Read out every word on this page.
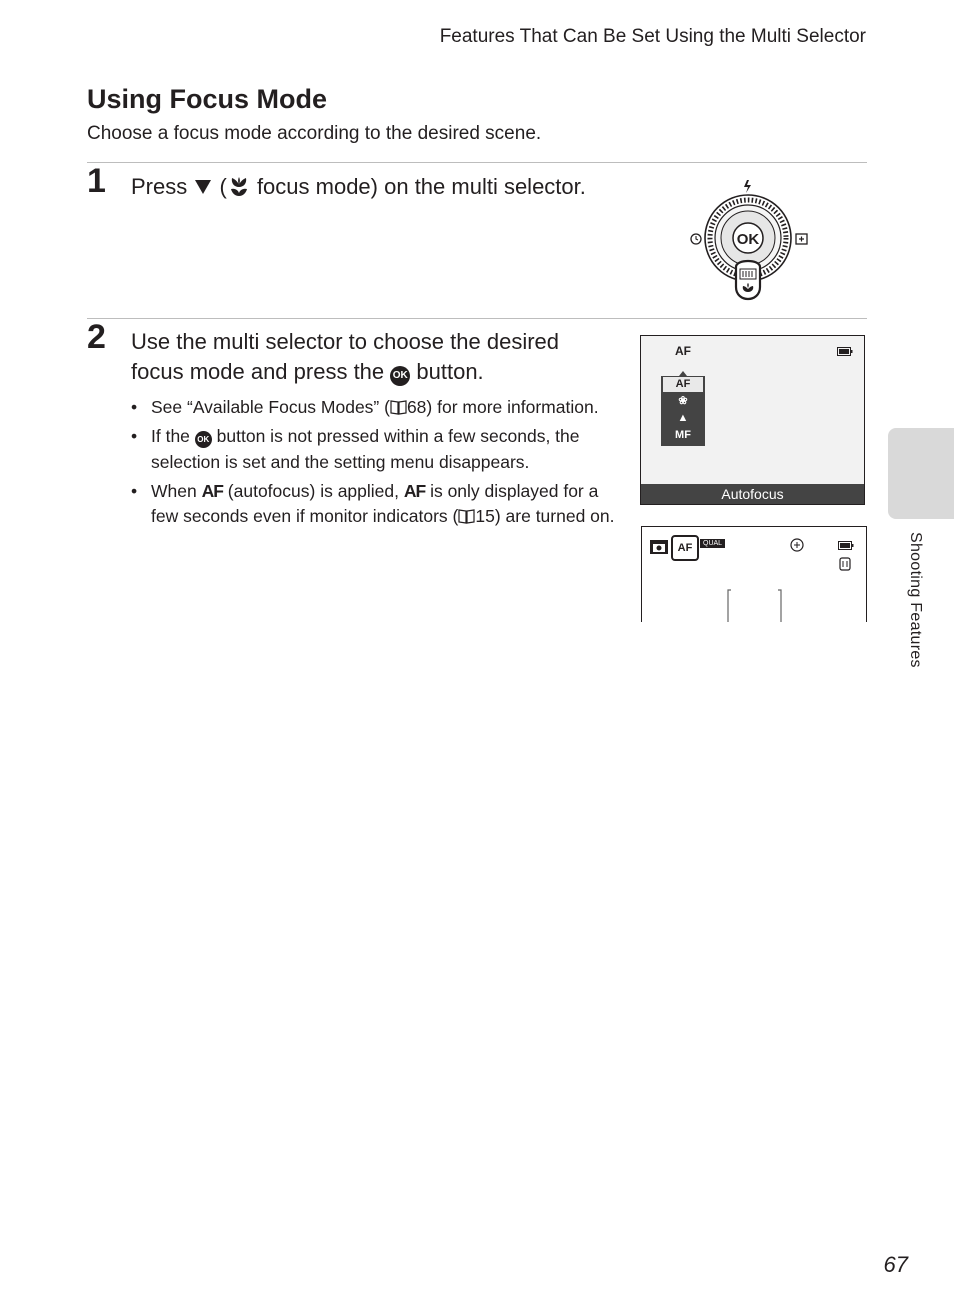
Features That Can Be Set Using the Multi Selector
Using Focus Mode
Choose a focus mode according to the desired scene.
1 Press  ( focus mode) on the multi selector.
OK
2 Use the multi selector to choose the desired
focus mode and press the OK button.
• See “Available Focus Modes” ( 68) for more information.
• If the OK button is not pressed within a few seconds, the selection is set and the setting menu disappears.
• When AF (autofocus) is applied, AF is only displayed for a few seconds even if monitor indicators ( 15) are turned on.
AF
AF
❀
▲
MF
Autofocus
AF	QUAL	Shooting Features
67
